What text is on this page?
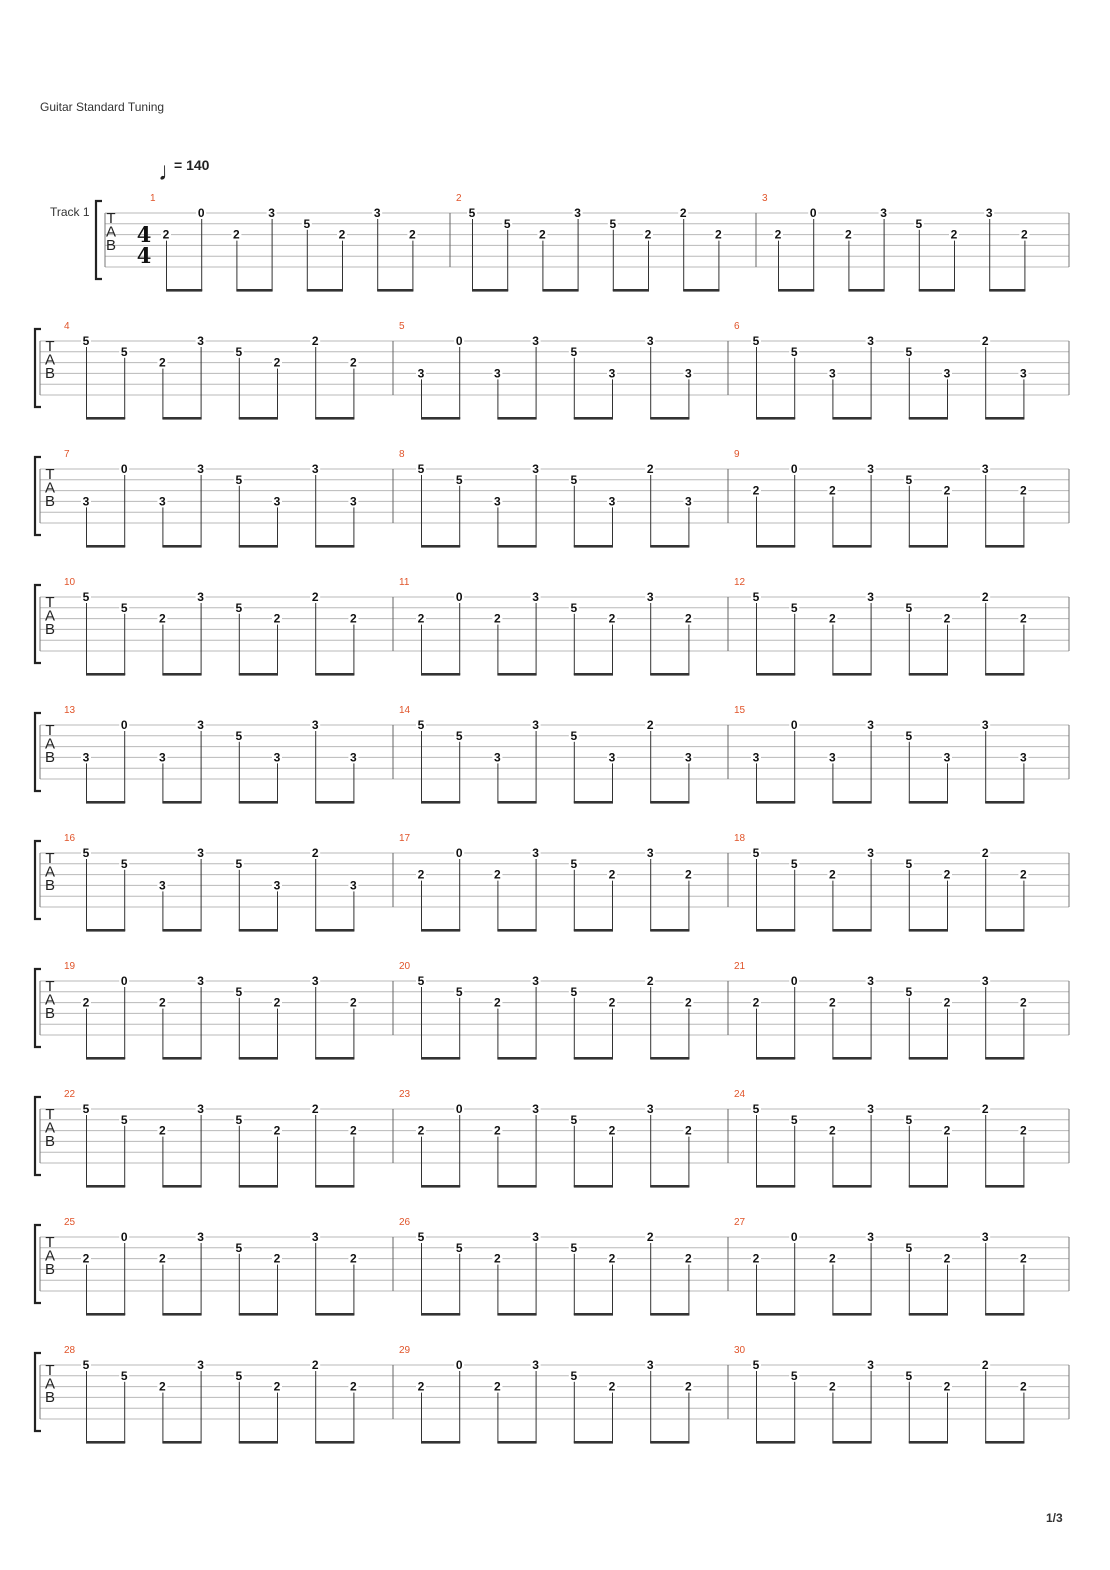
Guitar Standard Tuning
♩
= 140
T
A
B
Track 1
4
4
1
2
0
2
3
5
2
3
2
2
5
5
2
3
5
2
2
2
3
2
0
2
3
5
2
3
2
T
A
B
4
5
5
2
3
5
2
2
2
5
3
0
3
3
5
3
3
3
6
5
5
3
3
5
3
2
3
T
A
B
7
3
0
3
3
5
3
3
3
8
5
5
3
3
5
3
2
3
9
2
0
2
3
5
2
3
2
T
A
B
10
5
5
2
3
5
2
2
2
11
2
0
2
3
5
2
3
2
12
5
5
2
3
5
2
2
2
T
A
B
13
3
0
3
3
5
3
3
3
14
5
5
3
3
5
3
2
3
15
3
0
3
3
5
3
3
3
T
A
B
16
5
5
3
3
5
3
2
3
17
2
0
2
3
5
2
3
2
18
5
5
2
3
5
2
2
2
T
A
B
19
2
0
2
3
5
2
3
2
20
5
5
2
3
5
2
2
2
21
2
0
2
3
5
2
3
2
T
A
B
22
5
5
2
3
5
2
2
2
23
2
0
2
3
5
2
3
2
24
5
5
2
3
5
2
2
2
T
A
B
25
2
0
2
3
5
2
3
2
26
5
5
2
3
5
2
2
2
27
2
0
2
3
5
2
3
2
T
A
B
28
5
5
2
3
5
2
2
2
29
2
0
2
3
5
2
3
2
30
5
5
2
3
5
2
2
2
1/3
